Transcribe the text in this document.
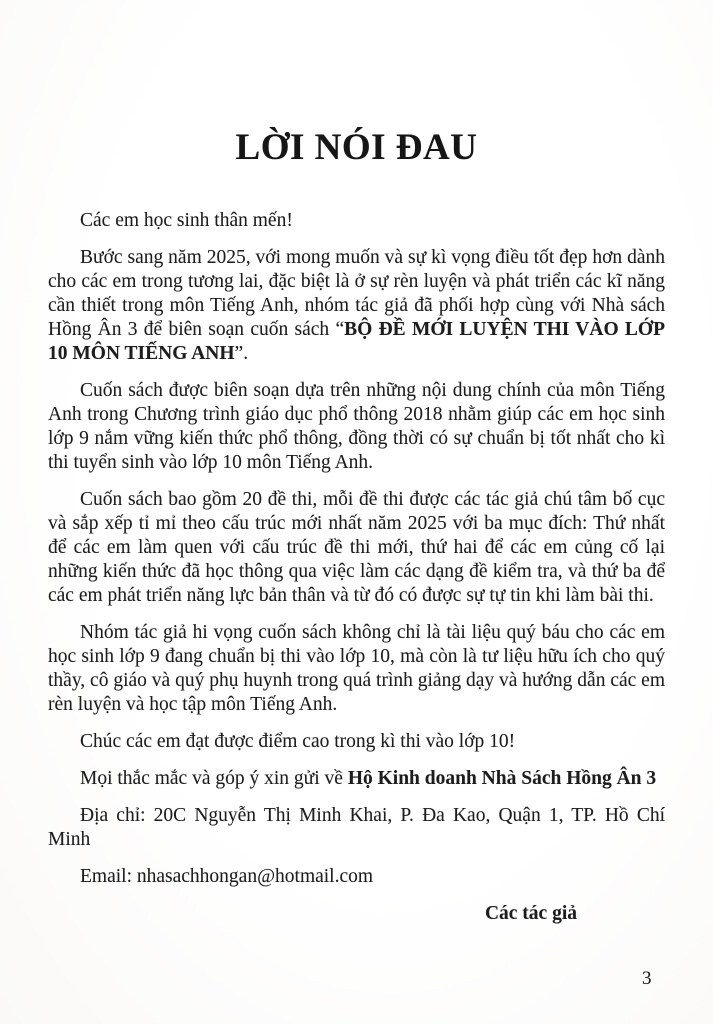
LỜI NÓI ĐAU

Các em học sinh thân mến!

Bước sang năm 2025, với mong muốn và sự kì vọng điều tốt đẹp hơn dành cho các em trong tương lai, đặc biệt là ở sự rèn luyện và phát triển các kĩ năng cần thiết trong môn Tiếng Anh, nhóm tác giả đã phối hợp cùng với Nhà sách Hồng Ân 3 để biên soạn cuốn sách “BỘ ĐỀ MỚI LUYỆN THI VÀO LỚP 10 MÔN TIẾNG ANH”.

Cuốn sách được biên soạn dựa trên những nội dung chính của môn Tiếng Anh trong Chương trình giáo dục phổ thông 2018 nhằm giúp các em học sinh lớp 9 nắm vững kiến thức phổ thông, đồng thời có sự chuẩn bị tốt nhất cho kì thi tuyển sinh vào lớp 10 môn Tiếng Anh.

Cuốn sách bao gồm 20 đề thi, mỗi đề thi được các tác giả chú tâm bố cục và sắp xếp tỉ mỉ theo cấu trúc mới nhất năm 2025 với ba mục đích: Thứ nhất để các em làm quen với cấu trúc đề thi mới, thứ hai để các em củng cố lại những kiến thức đã học thông qua việc làm các dạng đề kiểm tra, và thứ ba để các em phát triển năng lực bản thân và từ đó có được sự tự tin khi làm bài thi.

Nhóm tác giả hi vọng cuốn sách không chỉ là tài liệu quý báu cho các em học sinh lớp 9 đang chuẩn bị thi vào lớp 10, mà còn là tư liệu hữu ích cho quý thầy, cô giáo và quý phụ huynh trong quá trình giảng dạy và hướng dẫn các em rèn luyện và học tập môn Tiếng Anh.

Chúc các em đạt được điểm cao trong kì thi vào lớp 10!

Mọi thắc mắc và góp ý xin gửi về Hộ Kinh doanh Nhà Sách Hồng Ân 3

Địa chỉ: 20C Nguyễn Thị Minh Khai, P. Đa Kao, Quận 1, TP. Hồ Chí Minh

Email: nhasachhongan@hotmail.com

Các tác giả

3
